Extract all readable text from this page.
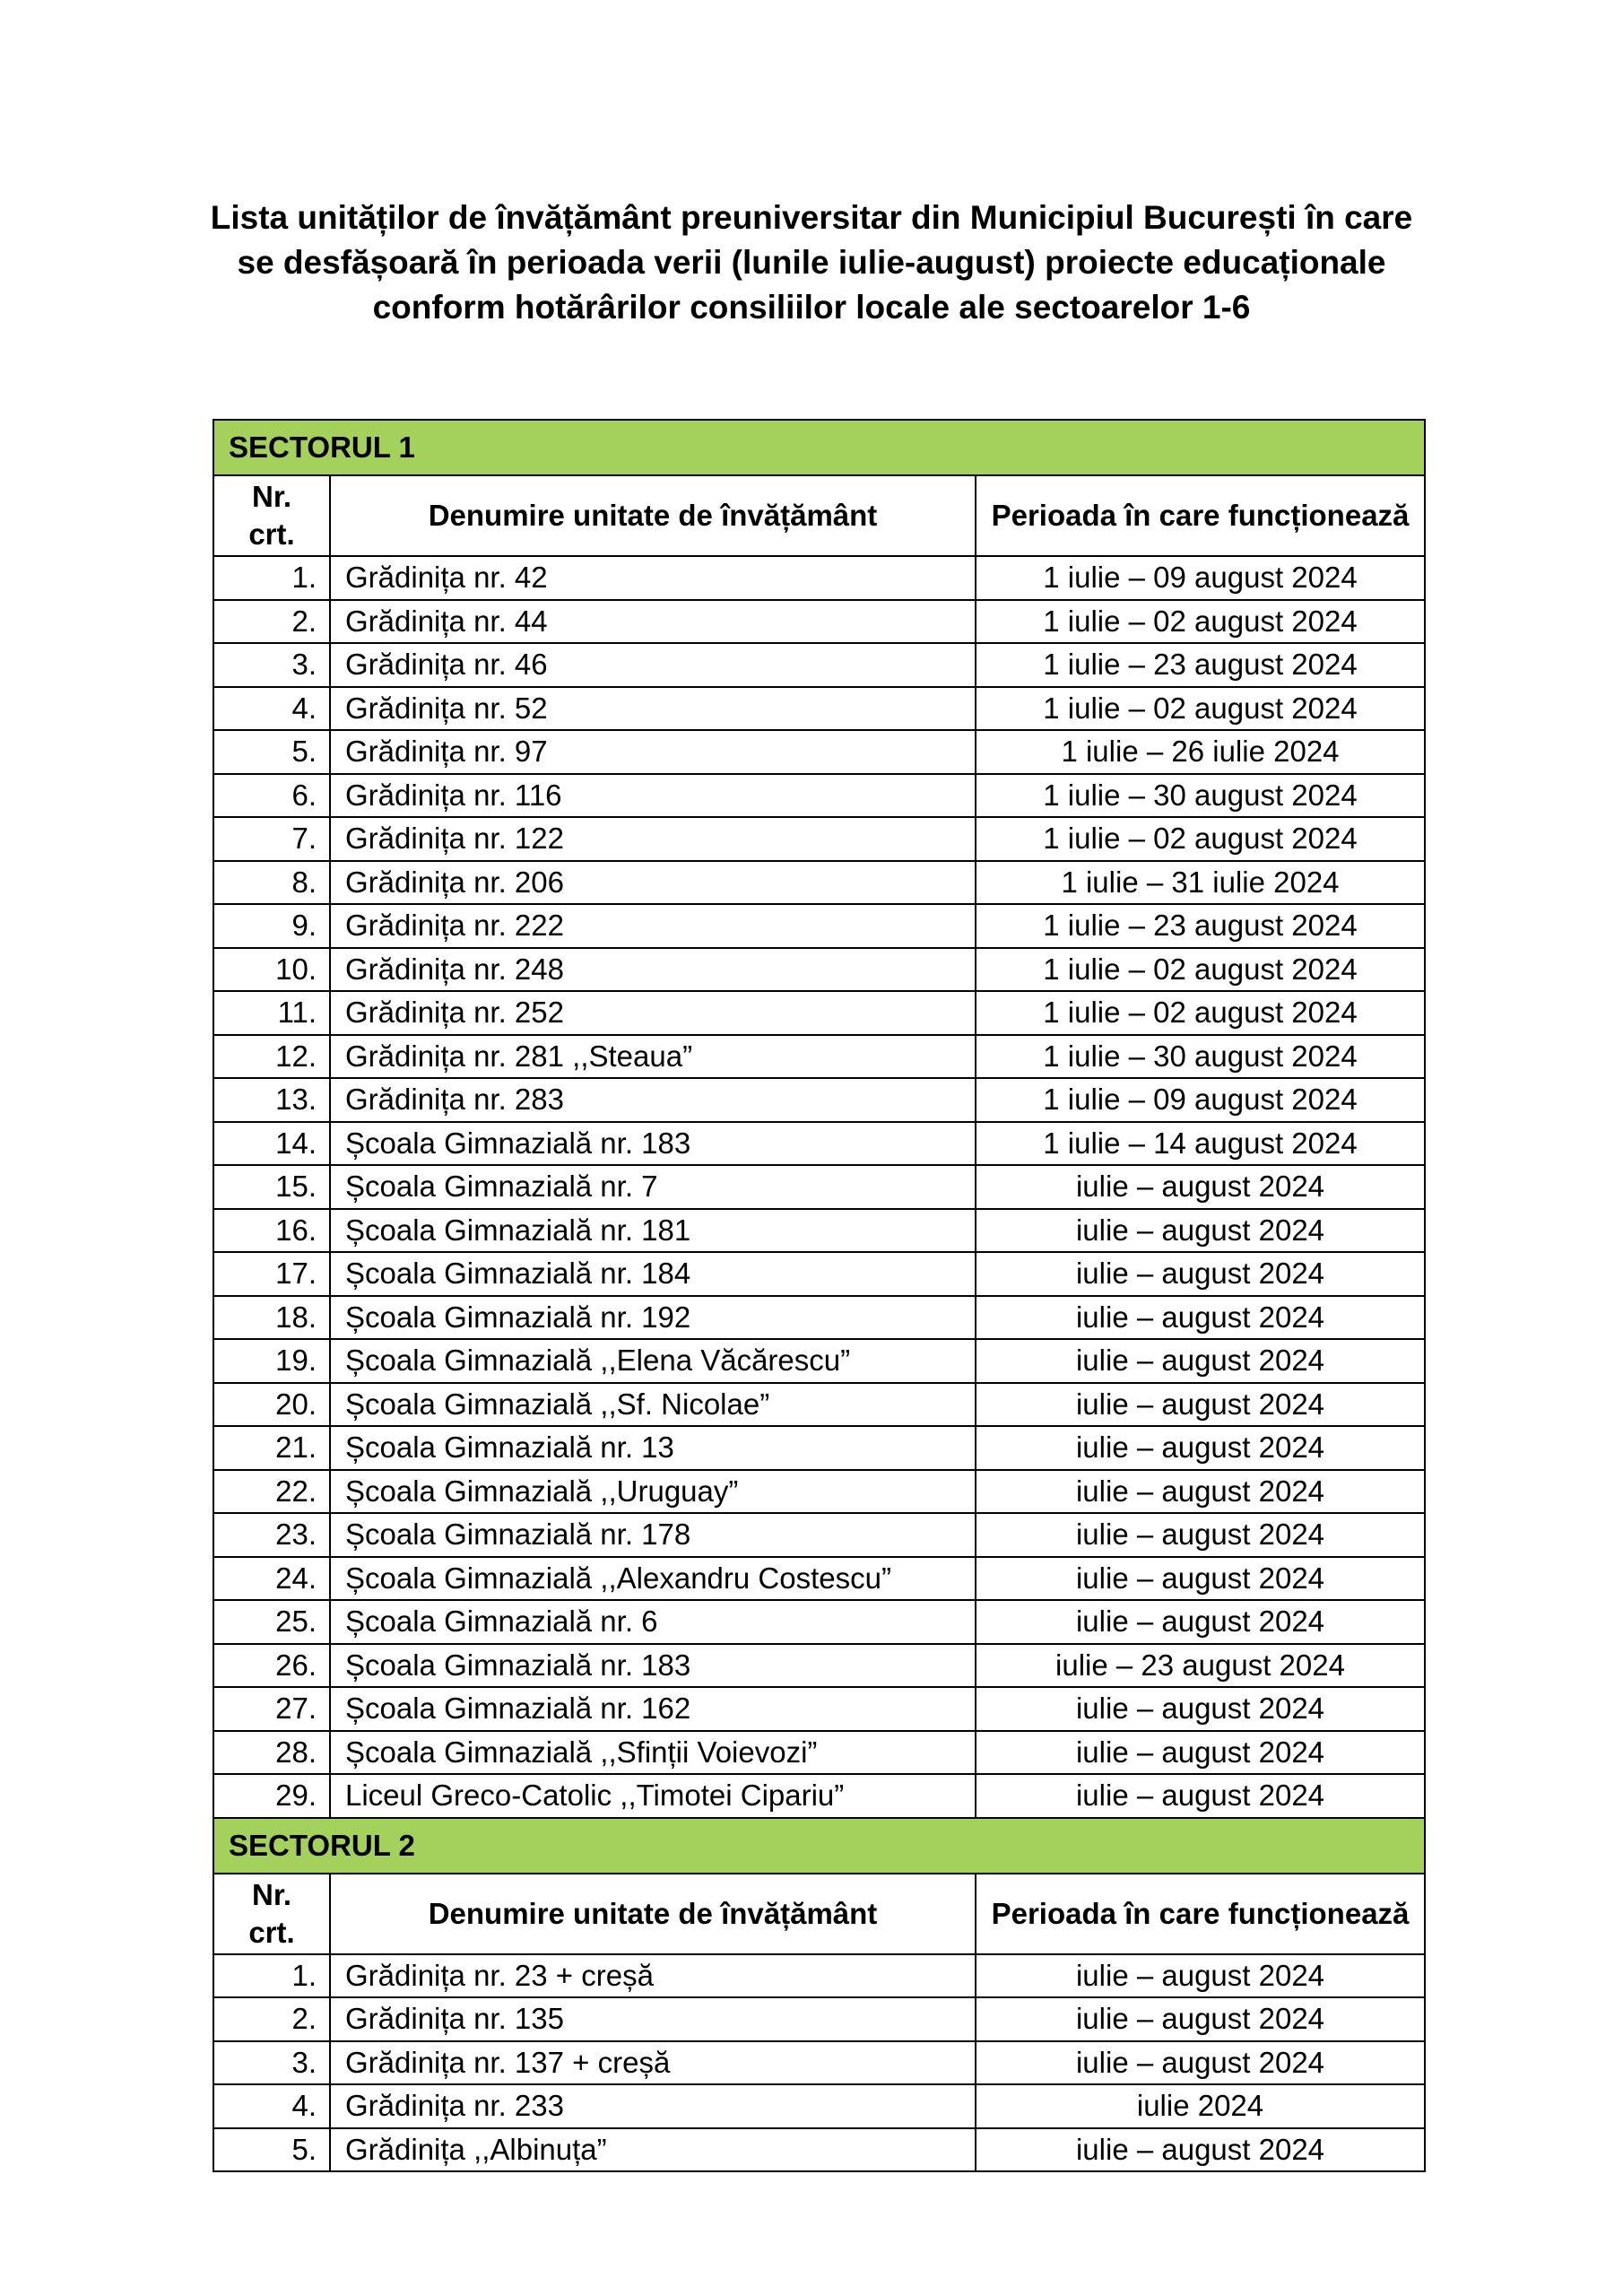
Lista unităților de învățământ preuniversitar din Municipiul București în care
se desfășoară în perioada verii (lunile iulie-august) proiecte educaționale
conform hotărârilor consiliilor locale ale sectoarelor 1-6
SECTORUL 1		
Nr.
crt.	Denumire unitate de învățământ	Perioada în care funcționează
1.	Grădinița nr. 42	1 iulie – 09 august 2024
2.	Grădinița nr. 44	1 iulie – 02 august 2024
3.	Grădinița nr. 46	1 iulie – 23 august 2024
4.	Grădinița nr. 52	1 iulie – 02 august 2024
5.	Grădinița nr. 97	1 iulie – 26 iulie 2024
6.	Grădinița nr. 116	1 iulie – 30 august 2024
7.	Grădinița nr. 122	1 iulie – 02 august 2024
8.	Grădinița nr. 206	1 iulie – 31 iulie 2024
9.	Grădinița nr. 222	1 iulie – 23 august 2024
10.	Grădinița nr. 248	1 iulie – 02 august 2024
11.	Grădinița nr. 252	1 iulie – 02 august 2024
12.	Grădinița nr. 281 ,,Steaua”	1 iulie – 30 august 2024
13.	Grădinița nr. 283	1 iulie – 09 august 2024
14.	Școala Gimnazială nr. 183	1 iulie – 14 august 2024
15.	Școala Gimnazială nr. 7	iulie – august 2024
16.	Școala Gimnazială nr. 181	iulie – august 2024
17.	Școala Gimnazială nr. 184	iulie – august 2024
18.	Școala Gimnazială nr. 192	iulie – august 2024
19.	Școala Gimnazială ,,Elena Văcărescu”	iulie – august 2024
20.	Școala Gimnazială ,,Sf. Nicolae”	iulie – august 2024
21.	Școala Gimnazială nr. 13	iulie – august 2024
22.	Școala Gimnazială ,,Uruguay”	iulie – august 2024
23.	Școala Gimnazială nr. 178	iulie – august 2024
24.	Școala Gimnazială ,,Alexandru Costescu”	iulie – august 2024
25.	Școala Gimnazială nr. 6	iulie – august 2024
26.	Școala Gimnazială nr. 183	iulie – 23 august 2024
27.	Școala Gimnazială nr. 162	iulie – august 2024
28.	Școala Gimnazială ,,Sfinții Voievozi”	iulie – august 2024
29.	Liceul Greco-Catolic ,,Timotei Cipariu”	iulie – august 2024
SECTORUL 2		
Nr.
crt.	Denumire unitate de învățământ	Perioada în care funcționează
1.	Grădinița nr. 23 + creșă	iulie – august 2024
2.	Grădinița nr. 135	iulie – august 2024
3.	Grădinița nr. 137 + creșă	iulie – august 2024
4.	Grădinița nr. 233	iulie 2024
5.	Grădinița ,,Albinuța”	iulie – august 2024
